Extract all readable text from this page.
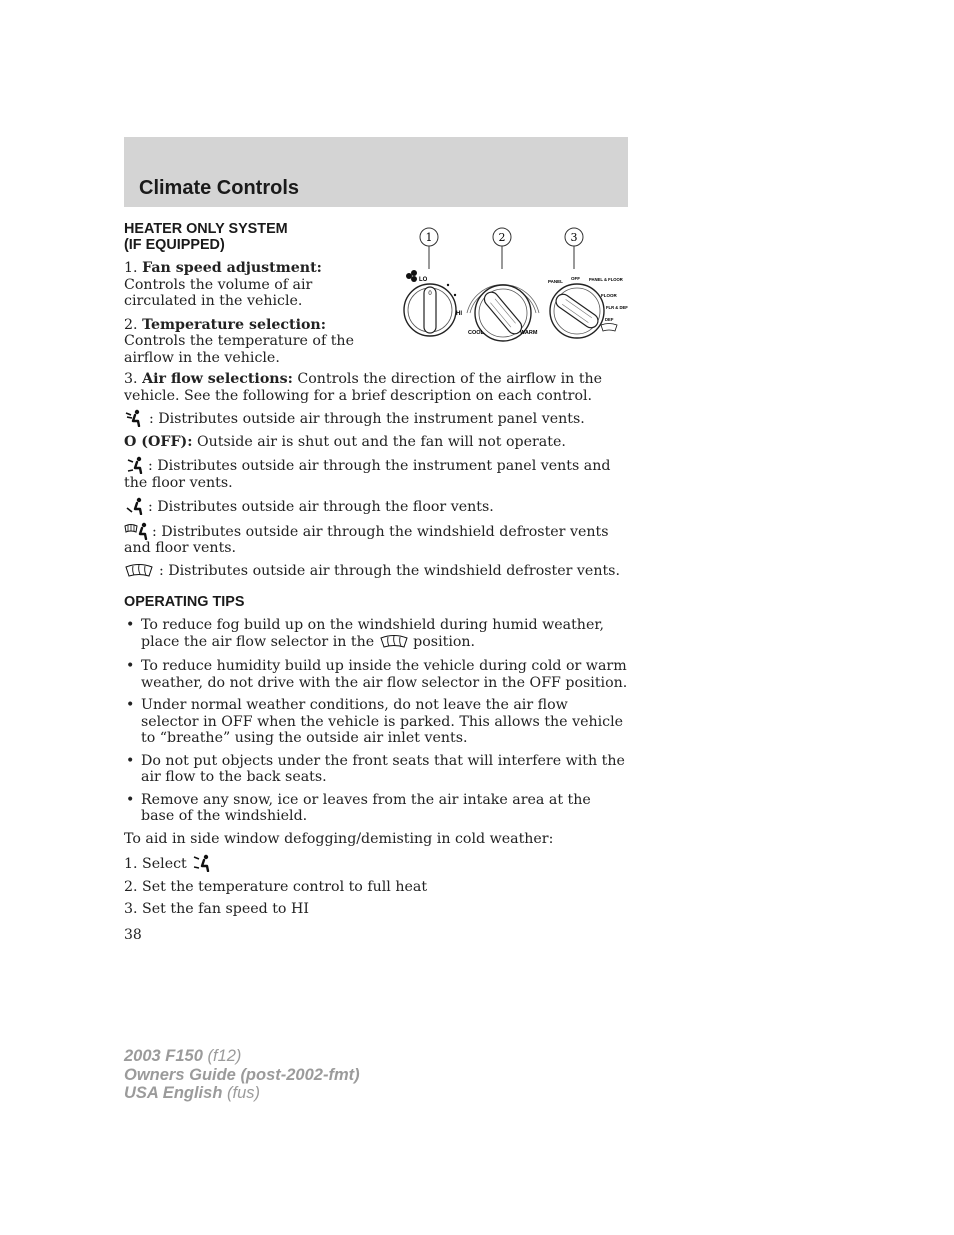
Climate Controls
1	2	3
0
LO
HI
COOL	WARM
PANEL
OFF PANEL & FLOOR
FLOOR
FLR & DEF
DEF
HEATER ONLY SYSTEM
(IF EQUIPPED)

1. Fan speed adjustment: Controls the volume of air circulated in the vehicle.

2. Temperature selection:
Controls the temperature of the airflow in the vehicle.

3. Air flow selections: Controls the direction of the airflow in the vehicle. See the following for a brief description on each control.

: Distributes outside air through the instrument panel vents.

O (OFF): Outside air is shut out and the fan will not operate.

: Distributes outside air through the instrument panel vents and the floor vents.

: Distributes outside air through the floor vents.

: Distributes outside air through the windshield defroster vents and floor vents.

: Distributes outside air through the windshield defroster vents.

OPERATING TIPS
• To reduce fog build up on the windshield during humid weather, place the air flow selector in the	position.
• To reduce humidity build up inside the vehicle during cold or warm weather, do not drive with the air flow selector in the OFF position.
• Under normal weather conditions, do not leave the air flow selector in OFF when the vehicle is parked. This allows the vehicle to “breathe” using the outside air inlet vents.
• Do not put objects under the front seats that will interfere with the air flow to the back seats.
• Remove any snow, ice or leaves from the air intake area at the base of the windshield.

To aid in side window defogging/demisting in cold weather:

1. Select

2. Set the temperature control to full heat

3. Set the fan speed to HI

38
2003 F150 (f12)
Owners Guide (post-2002-fmt)
USA English (fus)
